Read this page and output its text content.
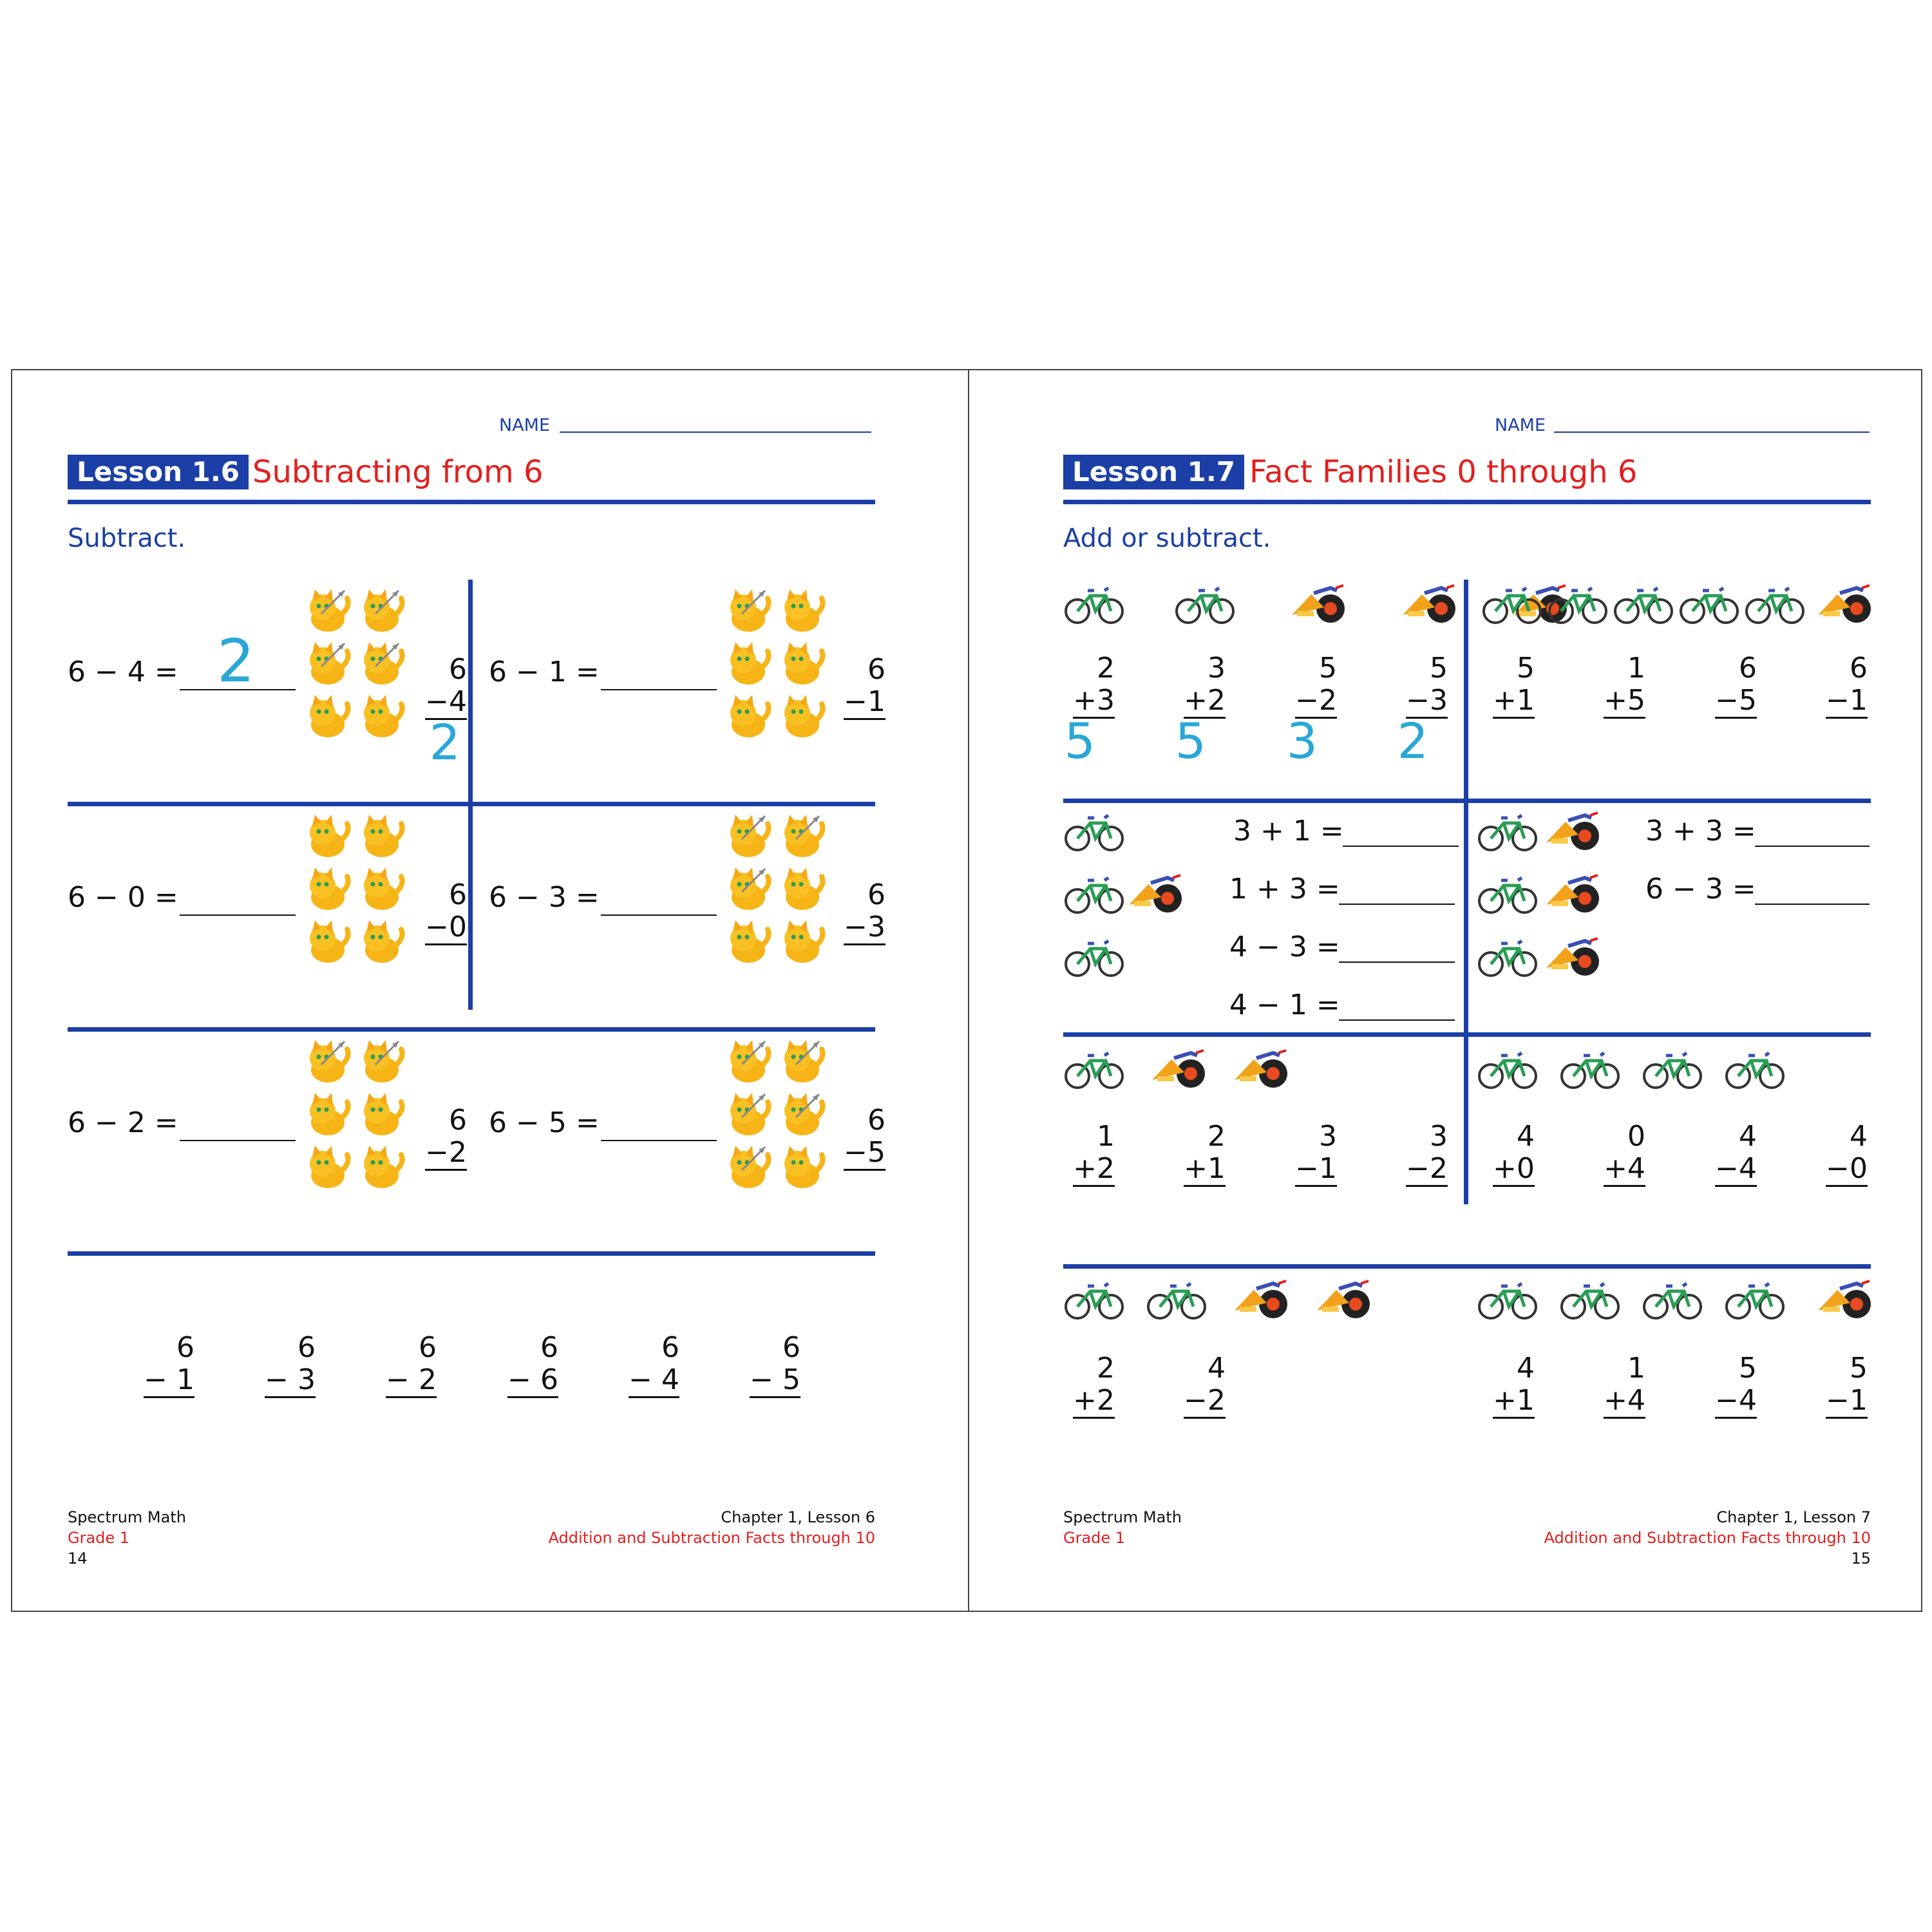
NAME
Lesson 1.6 Subtracting from 6
Subtract.
6 − 4 = 2	6
−4
2
6 − 1 =	6
−1
6 − 0 =	6
−0
6 − 3 =	6
−3
6 − 2 =	6
−2
6 − 5 =	6
−5
6
− 1
6
− 3
6
− 2
6
− 6
6
− 4
6
− 5
Spectrum Math
Grade 1
14
Chapter 1, Lesson 6
Addition and Subtraction Facts through 10
NAME
Lesson 1.7 Fact Families 0 through 6
Add or subtract.
2
+3
5
3
+2
5
5
−2
3
5
−3
2
5
+1
1
+5
6
−5
6
−1
3 + 1 =
1 + 3 =
4 − 3 =
4 − 1 =
3 + 3 =
6 − 3 =
1
+2
2
+1
3
−1
3
−2
4
+0
0
+4
4
−4
4
−0
2
+2
4
−2
4
+1
1
+4
5
−4
5
−1
Spectrum Math
Grade 1
Chapter 1, Lesson 7
Addition and Subtraction Facts through 10
15
